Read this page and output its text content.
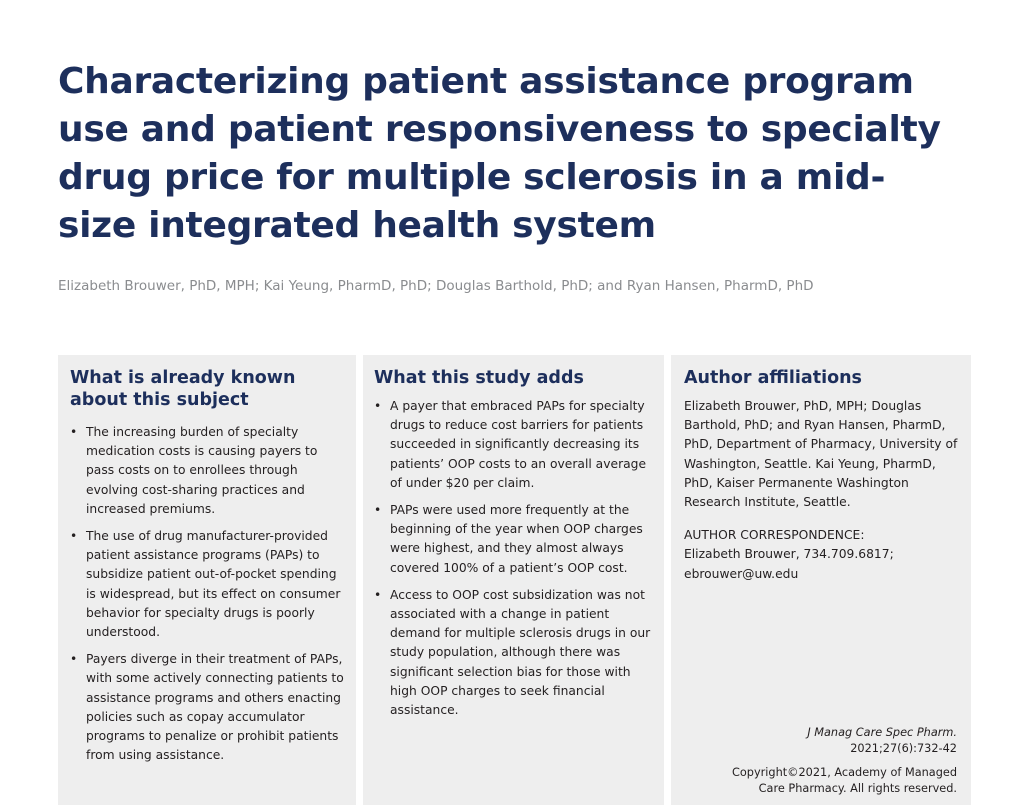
Characterizing patient assistance program use and patient responsiveness to specialty drug price for multiple sclerosis in a mid-size integrated health system

Elizabeth Brouwer, PhD, MPH; Kai Yeung, PharmD, PhD; Douglas Barthold, PhD; and Ryan Hansen, PharmD, PhD

What is already known about this subject
• The increasing burden of specialty medication costs is causing payers to pass costs on to enrollees through evolving cost-sharing practices and increased premiums.
• The use of drug manufacturer-provided patient assistance programs (PAPs) to subsidize patient out-of-pocket spending is widespread, but its effect on consumer behavior for specialty drugs is poorly understood.
• Payers diverge in their treatment of PAPs, with some actively connecting patients to assistance programs and others enacting policies such as copay accumulator programs to penalize or prohibit patients from using assistance.
What this study adds
• A payer that embraced PAPs for specialty drugs to reduce cost barriers for patients succeeded in significantly decreasing its patients’ OOP costs to an overall average of under $20 per claim.
• PAPs were used more frequently at the beginning of the year when OOP charges were highest, and they almost always covered 100% of a patient’s OOP cost.
• Access to OOP cost subsidization was not associated with a change in patient demand for multiple sclerosis drugs in our study population, although there was significant selection bias for those with high OOP charges to seek financial assistance.
Author affiliations

Elizabeth Brouwer, PhD, MPH; Douglas Barthold, PhD; and Ryan Hansen, PharmD, PhD, Department of Pharmacy, University of Washington, Seattle. Kai Yeung, PharmD, PhD, Kaiser Permanente Washington Research Institute, Seattle.

AUTHOR CORRESPONDENCE:
Elizabeth Brouwer, 734.709.6817;
ebrouwer@uw.edu

J Manag Care Spec Pharm.
2021;27(6):732-42
Copyright©2021, Academy of Managed Care Pharmacy. All rights reserved.
